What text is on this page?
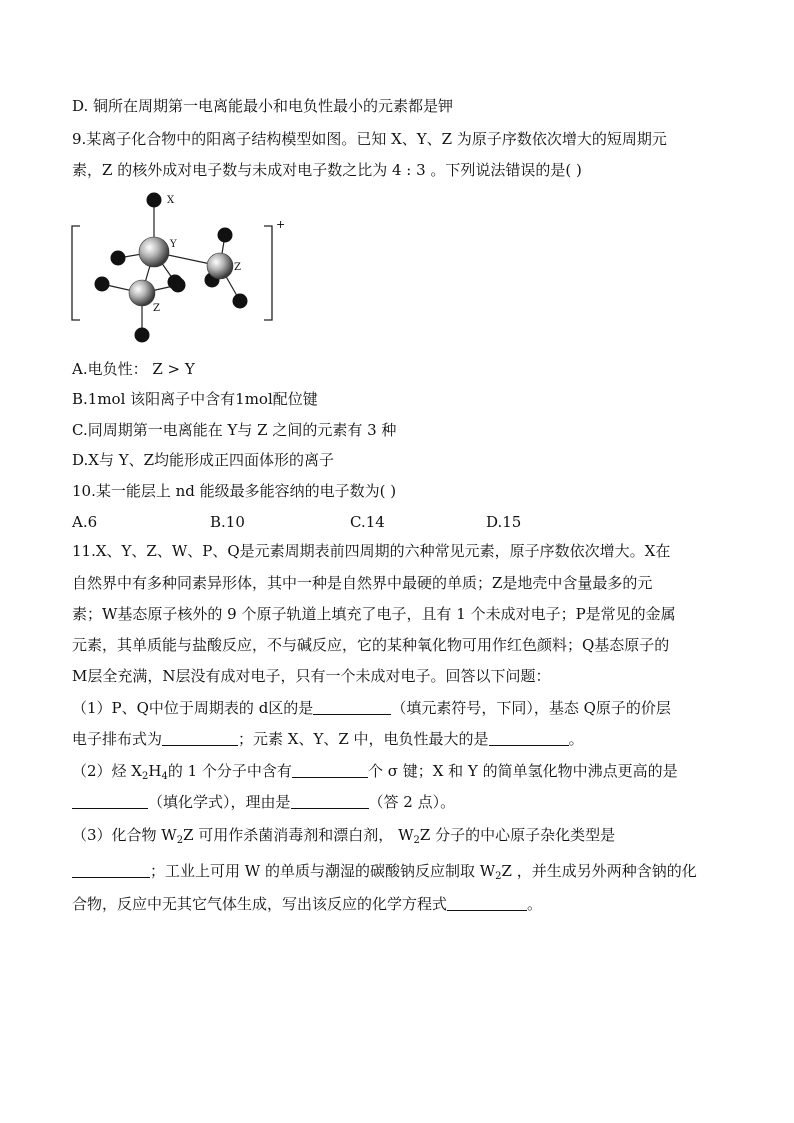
D. 铜所在周期第一电离能最小和电负性最小的元素都是钾
9.某离子化合物中的阳离子结构模型如图。已知 X、Y、Z 为原子序数依次增大的短周期元
素，Z 的核外成对电子数与未成对电子数之比为 4 : 3 。下列说法错误的是( )
+
X
Y
Z
Z
A.电负性： Z > Y
B.1mol 该阳离子中含有1mol配位键
C.同周期第一电离能在 Y与 Z 之间的元素有 3 种
D.X与 Y、Z均能形成正四面体形的离子
10.某一能层上 nd 能级最多能容纳的电子数为( )
A.6	B.10	C.14	D.15
11.X、Y、Z、W、P、Q是元素周期表前四周期的六种常见元素，原子序数依次增大。X在
自然界中有多种同素异形体，其中一种是自然界中最硬的单质；Z是地壳中含量最多的元
素；W基态原子核外的 9 个原子轨道上填充了电子，且有 1 个未成对电子；P是常见的金属
元素，其单质能与盐酸反应，不与碱反应，它的某种氧化物可用作红色颜料；Q基态原子的
M层全充满，N层没有成对电子，只有一个未成对电子。回答以下问题：
（1）P、Q中位于周期表的 d区的是	（填元素符号，下同），基态 Q原子的价层
电子排布式为	；元素 X、Y、Z 中，电负性最大的是	。
（2）烃 $X_2H_4$的 1 个分子中含有	个 σ 键；X 和 Y 的简单氢化物中沸点更高的是
（填化学式），理由是	（答 2 点）。
（3）化合物 $W_2Z$ 可用作杀菌消毒剂和漂白剂， $W_2Z$ 分子的中心原子杂化类型是
；工业上可用 W 的单质与潮湿的碳酸钠反应制取 $W_2Z$ ，并生成另外两种含钠的化
合物，反应中无其它气体生成，写出该反应的化学方程式	。
